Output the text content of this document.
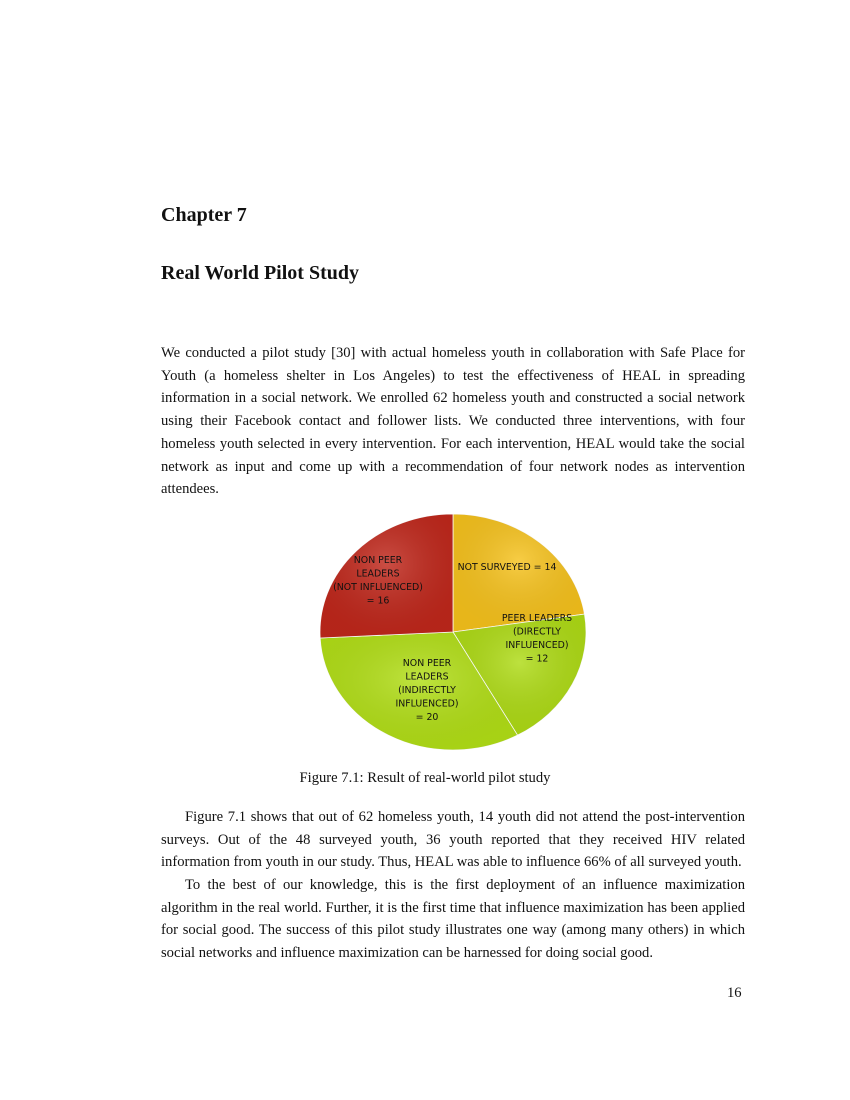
Chapter 7
Real World Pilot Study

We conducted a pilot study [30] with actual homeless youth in collaboration with Safe Place for Youth (a homeless shelter in Los Angeles) to test the effectiveness of HEAL in spreading information in a social network. We enrolled 62 homeless youth and constructed a social network using their Facebook contact and follower lists. We conducted three interventions, with four homeless youth selected in every intervention. For each intervention, HEAL would take the social network as input and come up with a recommendation of four network nodes as intervention attendees.

NOT SURVEYED = 14
PEER LEADERS (DIRECTLY INFLUENCED) = 12
NON PEER LEADERS (INDIRECTLY INFLUENCED) = 20
NON PEER LEADERS (NOT INFLUENCED) = 16
Figure 7.1: Result of real-world pilot study

Figure 7.1 shows that out of 62 homeless youth, 14 youth did not attend the post-intervention surveys. Out of the 48 surveyed youth, 36 youth reported that they received HIV related information from youth in our study. Thus, HEAL was able to influence 66% of all surveyed youth.

To the best of our knowledge, this is the first deployment of an influence maximization algorithm in the real world. Further, it is the first time that influence maximization has been applied for social good. The success of this pilot study illustrates one way (among many others) in which social networks and influence maximization can be harnessed for doing social good.

16
